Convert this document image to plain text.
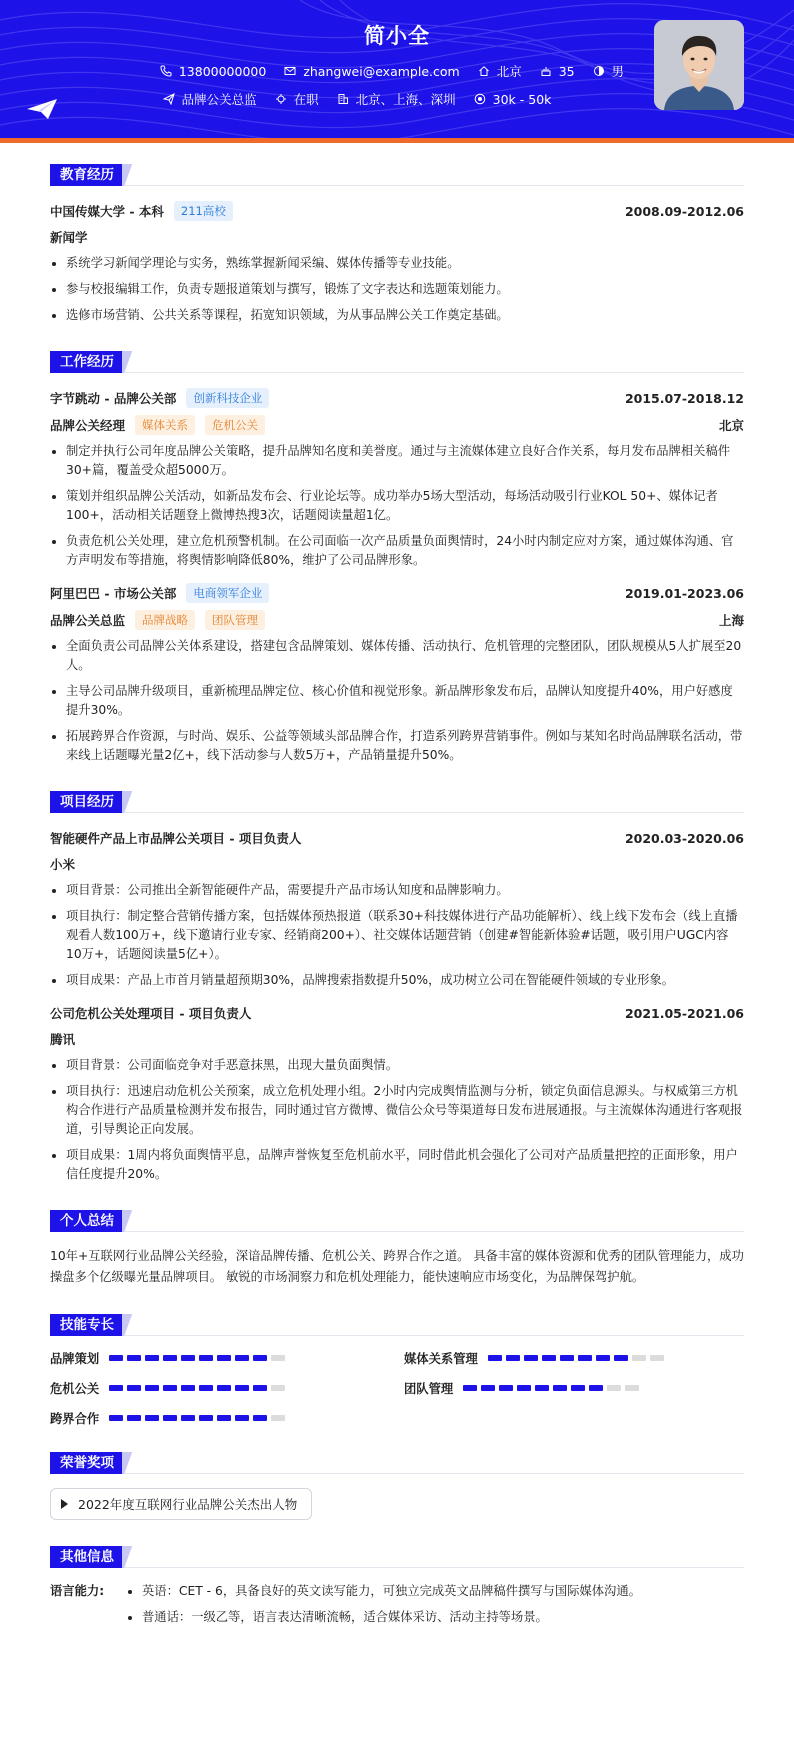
简小全
13800000000	zhangwei@example.com	北京	35	男
品牌公关总监	在职	北京、上海、深圳	30k - 50k
教育经历
中国传媒大学 - 本科	211高校	2008.09-2012.06
新闻学
系统学习新闻学理论与实务，熟练掌握新闻采编、媒体传播等专业技能。
参与校报编辑工作，负责专题报道策划与撰写，锻炼了文字表达和选题策划能力。
选修市场营销、公共关系等课程，拓宽知识领域，为从事品牌公关工作奠定基础。
工作经历
字节跳动 - 品牌公关部	创新科技企业	2015.07-2018.12
品牌公关经理	媒体关系	危机公关	北京
制定并执行公司年度品牌公关策略，提升品牌知名度和美誉度。通过与主流媒体建立良好合作关系，每月发布品牌相关稿件30+篇，覆盖受众超5000万。
策划并组织品牌公关活动，如新品发布会、行业论坛等。成功举办5场大型活动，每场活动吸引行业KOL 50+、媒体记者100+，活动相关话题登上微博热搜3次，话题阅读量超1亿。
负责危机公关处理，建立危机预警机制。在公司面临一次产品质量负面舆情时，24小时内制定应对方案，通过媒体沟通、官方声明发布等措施，将舆情影响降低80%，维护了公司品牌形象。
阿里巴巴 - 市场公关部	电商领军企业	2019.01-2023.06
品牌公关总监	品牌战略	团队管理	上海
全面负责公司品牌公关体系建设，搭建包含品牌策划、媒体传播、活动执行、危机管理的完整团队，团队规模从5人扩展至20人。
主导公司品牌升级项目，重新梳理品牌定位、核心价值和视觉形象。新品牌形象发布后，品牌认知度提升40%，用户好感度提升30%。
拓展跨界合作资源，与时尚、娱乐、公益等领域头部品牌合作，打造系列跨界营销事件。例如与某知名时尚品牌联名活动，带来线上话题曝光量2亿+，线下活动参与人数5万+，产品销量提升50%。
项目经历
智能硬件产品上市品牌公关项目 - 项目负责人	2020.03-2020.06
小米
项目背景：公司推出全新智能硬件产品，需要提升产品市场认知度和品牌影响力。
项目执行：制定整合营销传播方案，包括媒体预热报道（联系30+科技媒体进行产品功能解析）、线上线下发布会（线上直播观看人数100万+，线下邀请行业专家、经销商200+）、社交媒体话题营销（创建#智能新体验#话题，吸引用户UGC内容10万+，话题阅读量5亿+）。
项目成果：产品上市首月销量超预期30%，品牌搜索指数提升50%，成功树立公司在智能硬件领域的专业形象。
公司危机公关处理项目 - 项目负责人	2021.05-2021.06
腾讯
项目背景：公司面临竞争对手恶意抹黑，出现大量负面舆情。
项目执行：迅速启动危机公关预案，成立危机处理小组。2小时内完成舆情监测与分析，锁定负面信息源头。与权威第三方机构合作进行产品质量检测并发布报告，同时通过官方微博、微信公众号等渠道每日发布进展通报。与主流媒体沟通进行客观报道，引导舆论正向发展。
项目成果：1周内将负面舆情平息，品牌声誉恢复至危机前水平，同时借此机会强化了公司对产品质量把控的正面形象，用户信任度提升20%。
个人总结

10年+互联网行业品牌公关经验，深谙品牌传播、危机公关、跨界合作之道。 具备丰富的媒体资源和优秀的团队管理能力，成功操盘多个亿级曝光量品牌项目。 敏锐的市场洞察力和危机处理能力，能快速响应市场变化，为品牌保驾护航。

技能专长
品牌策划	媒体关系管理
危机公关	团队管理
跨界合作
荣誉奖项
2022年度互联网行业品牌公关杰出人物
其他信息
语言能力:	英语：CET - 6，具备良好的英文读写能力，可独立完成英文品牌稿件撰写与国际媒体沟通。
普通话：一级乙等，语言表达清晰流畅，适合媒体采访、活动主持等场景。
